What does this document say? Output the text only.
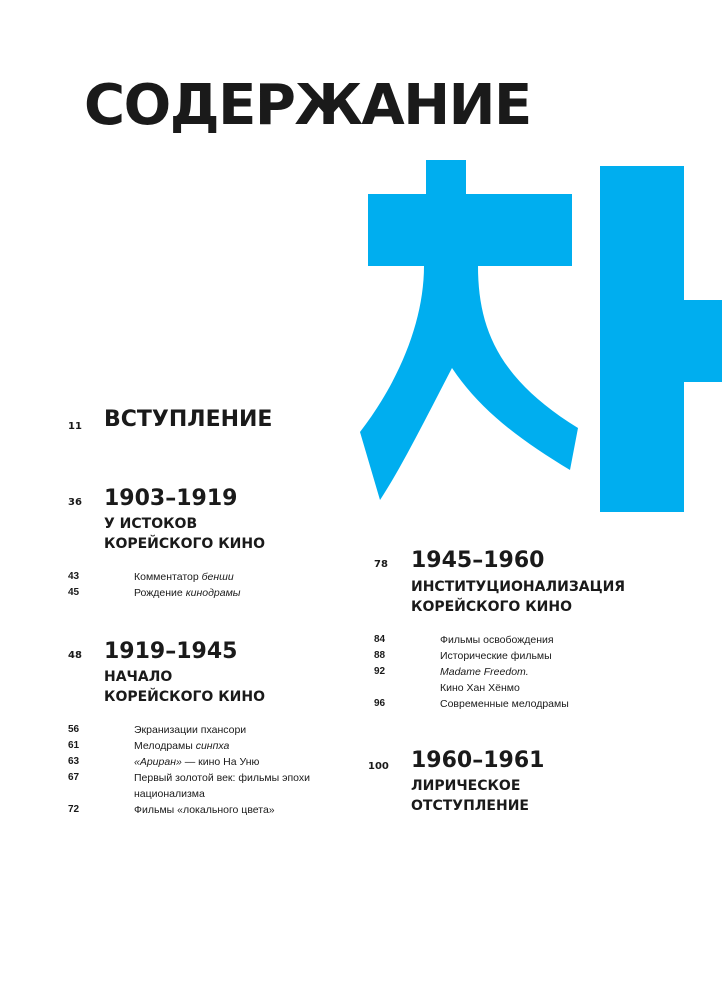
СОДЕРЖАНИЕ
11	ВСТУПЛЕНИЕ
36	1903–1919
У ИСТОКОВ
КОРЕЙСКОГО КИНО
43	Комментатор бенши
45	Рождение кинодрамы
48	1919–1945
НАЧАЛО
КОРЕЙСКОГО КИНО
56	Экранизации пхансори
61	Мелодрамы синпха
63	«Ариран» — кино На Уню
67	Первый золотой век: фильмы эпохи
национализма
72	Фильмы «локального цвета»
78	1945–1960
ИНСТИТУЦИОНАЛИЗАЦИЯ
КОРЕЙСКОГО КИНО
84	Фильмы освобождения
88	Исторические фильмы
92	Madame Freedom.
Кино Хан Хёнмо
96	Современные мелодрамы
100	1960–1961
ЛИРИЧЕСКОЕ
ОТСТУПЛЕНИЕ
